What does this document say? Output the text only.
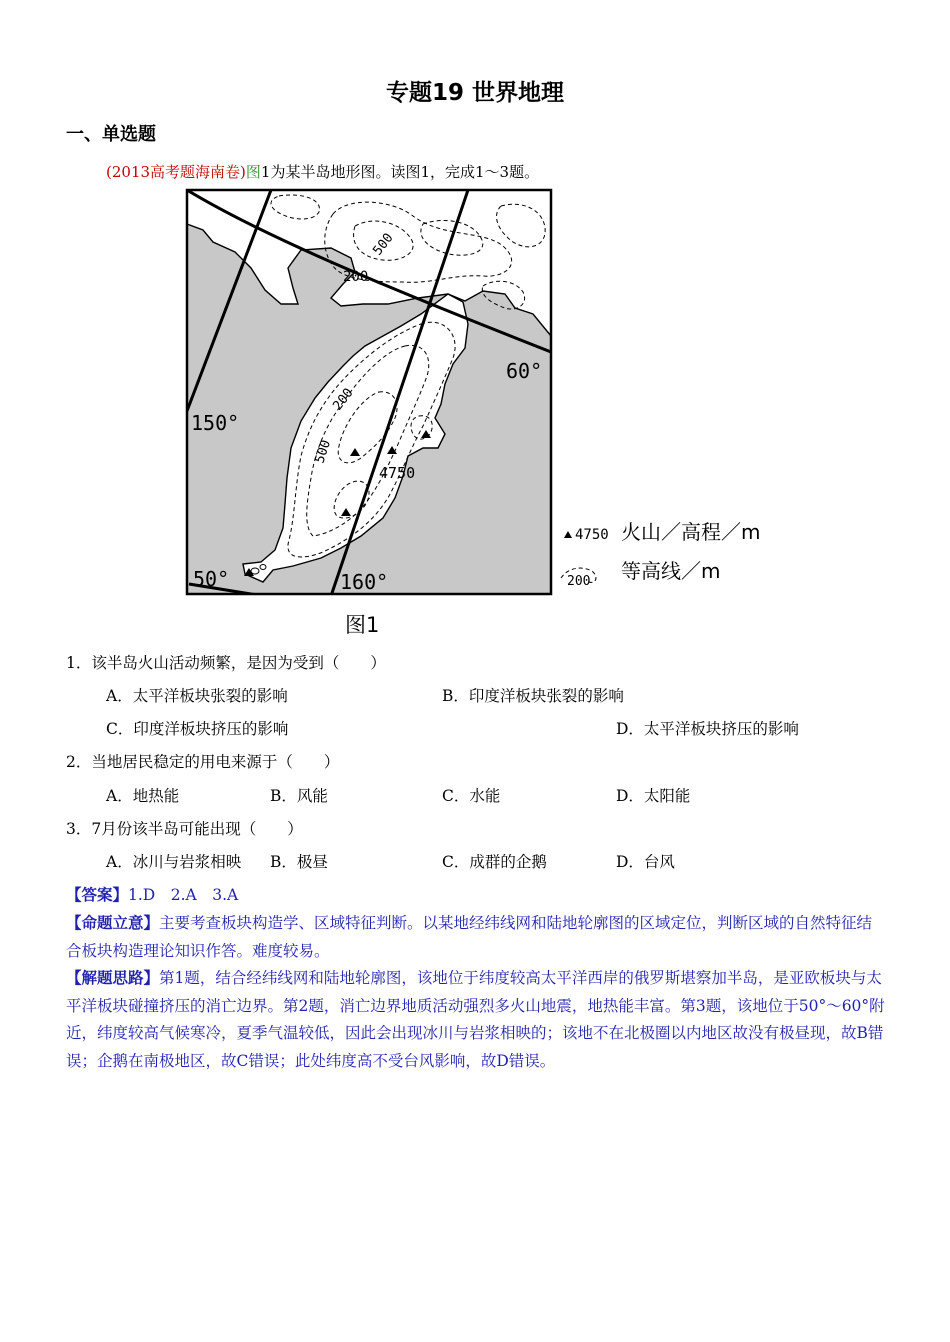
专题19 世界地理
一、单选题
(2013高考题海南卷)图1为某半岛地形图。读图1，完成1～3题。
200
500
200
500
4750
60°
150°
50°	160°
4750 火山／高程／m
200 等高线／m
图1
1．该半岛火山活动频繁，是因为受到（　　）
A．太平洋板块张裂的影响	B．印度洋板块张裂的影响
C．印度洋板块挤压的影响	D．太平洋板块挤压的影响
2．当地居民稳定的用电来源于（　　）
A．地热能	B．风能	C．水能	D．太阳能
3．7月份该半岛可能出现（　　）
A．冰川与岩浆相映 B．极昼	C．成群的企鹅	D．台风
【答案】1.D　2.A　3.A
【命题立意】主要考查板块构造学、区域特征判断。以某地经纬线网和陆地轮廓图的区域定位，判断区域的自然特征结合板块构造理论知识作答。难度较易。
【解题思路】第1题，结合经纬线网和陆地轮廓图，该地位于纬度较高太平洋西岸的俄罗斯堪察加半岛，是亚欧板块与太平洋板块碰撞挤压的消亡边界。第2题，消亡边界地质活动强烈多火山地震，地热能丰富。第3题，该地位于50°～60°附近，纬度较高气候寒冷，夏季气温较低，因此会出现冰川与岩浆相映的；该地不在北极圈以内地区故没有极昼现，故B错误；企鹅在南极地区，故C错误；此处纬度高不受台风影响，故D错误。
